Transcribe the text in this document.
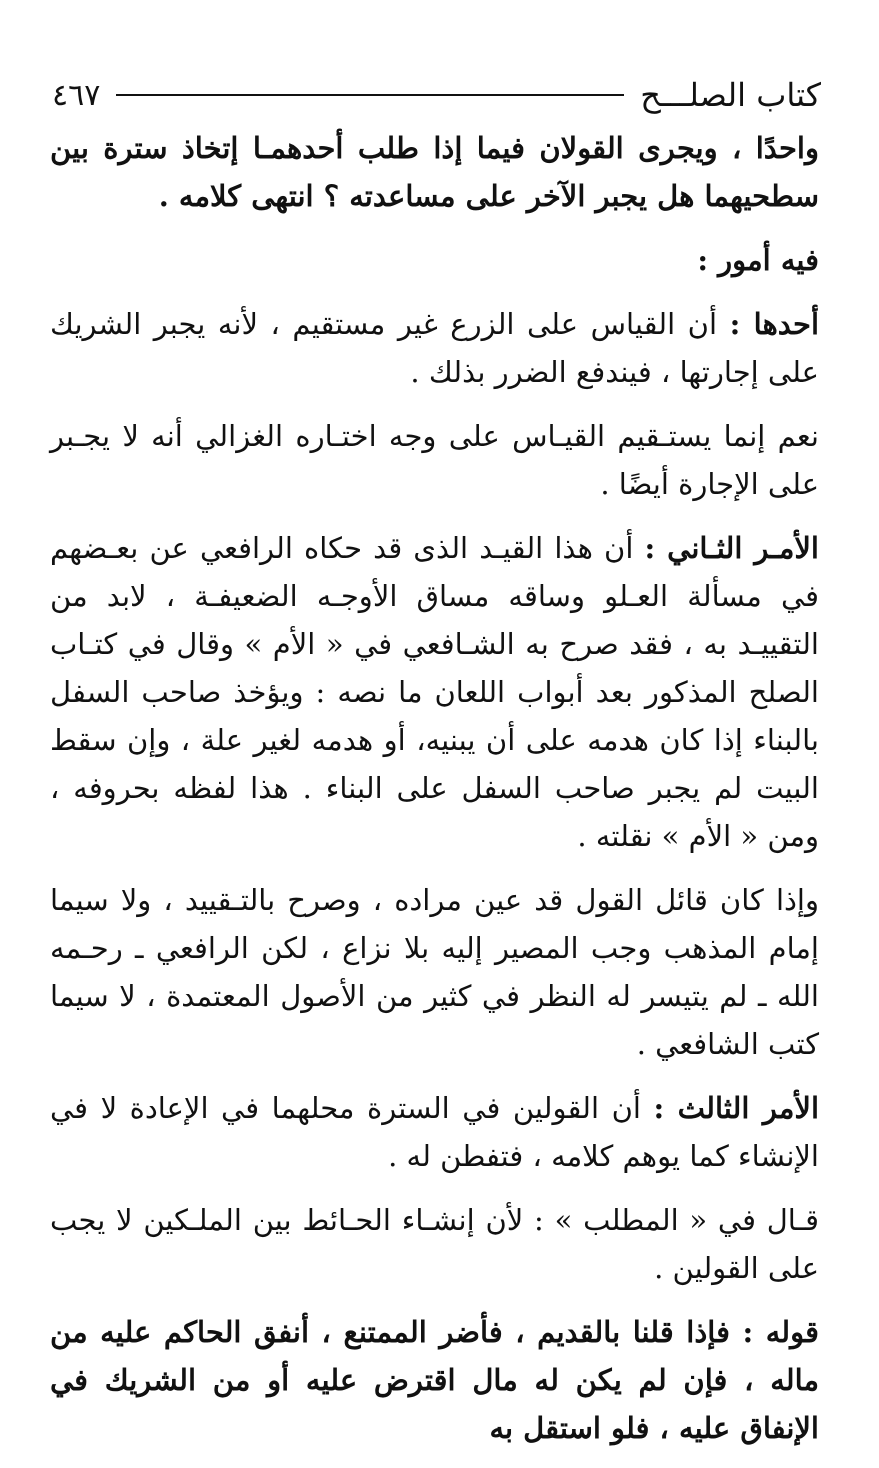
كتاب الصلـــح
٤٦٧

واحدًا ، ويجرى القولان فيما إذا طلب أحدهمـا إتخاذ سترة بين سطحيهما هل يجبر الآخر على مساعدته ؟ انتهى كلامه .

فيه أمور :

أحدها : أن القياس على الزرع غير مستقيم ، لأنه يجبر الشريك على إجارتها ، فيندفع الضرر بذلك .

نعم إنما يستـقيم القيـاس على وجه اختـاره الغزالي أنه لا يجـبر على الإجارة أيضًا .

الأمـر الثـاني : أن هذا القيـد الذى قد حكاه الرافعي عن بعـضهم في مسألة العـلو وساقه مساق الأوجـه الضعيفـة ، لابد من التقييـد به ، فقد صرح به الشـافعي في « الأم » وقال في كتـاب الصلح المذكور بعد أبواب اللعان ما نصه : ويؤخذ صاحب السفل بالبناء إذا كان هدمه على أن يبنيه، أو هدمه لغير علة ، وإن سقط البيت لم يجبر صاحب السفل على البناء . هذا لفظه بحروفه ، ومن « الأم » نقلته .

وإذا كان قائل القول قد عين مراده ، وصرح بالتـقييد ، ولا سيما إمام المذهب وجب المصير إليه بلا نزاع ، لكن الرافعي ـ رحـمه الله ـ لم يتيسر له النظر في كثير من الأصول المعتمدة ، لا سيما كتب الشافعي .

الأمر الثالث : أن القولين في السترة محلهما في الإعادة لا في الإنشاء كما يوهم كلامه ، فتفطن له .

قـال في « المطلب » : لأن إنشـاء الحـائط بين الملـكين لا يجب على القولين .

قوله : فإذا قلنا بالقديم ، فأضر الممتنع ، أنفق الحاكم عليه من ماله ، فإن لم يكن له مال اقترض عليه أو من الشريك في الإنفاق عليه ، فلو استقل به
